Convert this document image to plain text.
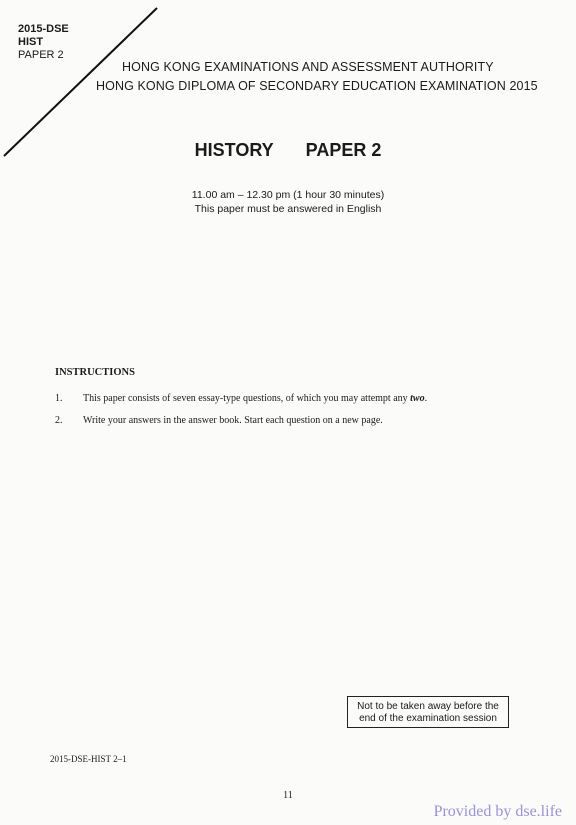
2015-DSE
HIST
PAPER 2
HONG KONG EXAMINATIONS AND ASSESSMENT AUTHORITY
HONG KONG DIPLOMA OF SECONDARY EDUCATION EXAMINATION 2015
HISTORY PAPER 2
11.00 am – 12.30 pm (1 hour 30 minutes)
This paper must be answered in English
INSTRUCTIONS
1. This paper consists of seven essay-type questions, of which you may attempt any two.
2. Write your answers in the answer book. Start each question on a new page.
Not to be taken away before the
end of the examination session
2015-DSE-HIST 2–1
11
Provided by dse.life
